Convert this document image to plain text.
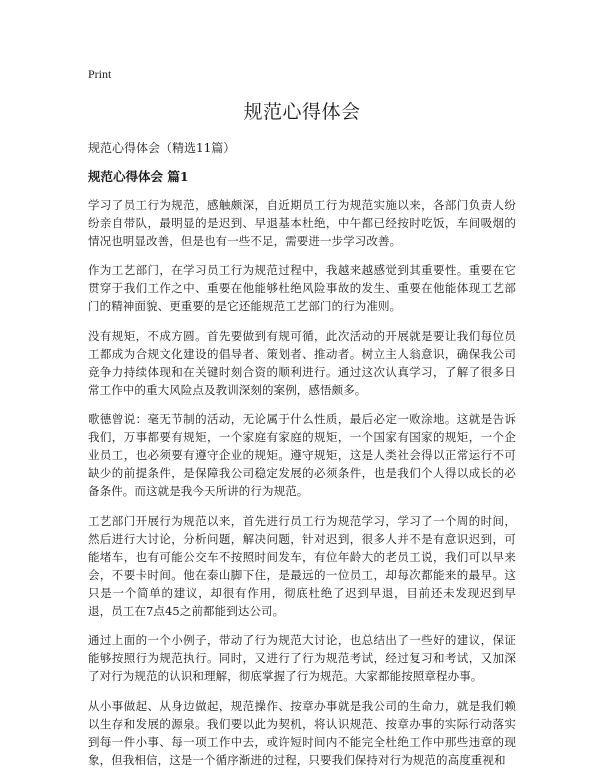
Print
规范心得体会
规范心得体会（精选11篇）
规范心得体会 篇1

学习了员工行为规范，感触颇深，自近期员工行为规范实施以来，各部门负责人纷纷亲自带队，最明显的是迟到、早退基本杜绝，中午都已经按时吃饭，车间吸烟的情况也明显改善，但是也有一些不足，需要进一步学习改善。

作为工艺部门，在学习员工行为规范过程中，我越来越感觉到其重要性。重要在它贯穿于我们工作之中、重要在他能够杜绝风险事故的发生、重要在他能体现工艺部门的精神面貌、更重要的是它还能规范工艺部门的行为准则。

没有规矩，不成方圆。首先要做到有规可循，此次活动的开展就是要让我们每位员工都成为合规文化建设的倡导者、策划者、推动者。树立主人翁意识，确保我公司竞争力持续体现和在关键时刻合资的顺利进行。通过这次认真学习，了解了很多日常工作中的重大风险点及教训深刻的案例，感悟颇多。

歌德曾说：毫无节制的活动，无论属于什么性质，最后必定一败涂地。这就是告诉我们，万事都要有规矩，一个家庭有家庭的规矩，一个国家有国家的规矩，一个企业员工，也必须要有遵守企业的规矩。遵守规矩，这是人类社会得以正常运行不可缺少的前提条件，是保障我公司稳定发展的必须条件，也是我们个人得以成长的必备条件。而这就是我今天所讲的行为规范。

工艺部门开展行为规范以来，首先进行员工行为规范学习，学习了一个周的时间，然后进行大讨论，分析问题，解决问题，针对迟到，很多人并不是有意识迟到，可能堵车，也有可能公交车不按照时间发车，有位年龄大的老员工说，我们可以早来会，不要卡时间。他在泰山脚下住，是最远的一位员工，却每次都能来的最早。这只是一个简单的建议，却很有作用，彻底杜绝了迟到早退，目前还未发现迟到早退，员工在7点45之前都能到达公司。

通过上面的一个小例子，带动了行为规范大讨论，也总结出了一些好的建议，保证能够按照行为规范执行。同时，又进行了行为规范考试，经过复习和考试，又加深了对行为规范的认识和理解，彻底掌握了行为规范。大家都能按照章程办事。

从小事做起、从身边做起，规范操作、按章办事就是我公司的生命力，就是我们赖以生存和发展的源泉。我们要以此为契机，将认识规范、按章办事的实际行动落实到每一件小事、每一项工作中去，或许短时间内不能完全杜绝工作中那些违章的现象，但我相信，这是一个循序渐进的过程，只要我们保持对行为规范的高度重视和
